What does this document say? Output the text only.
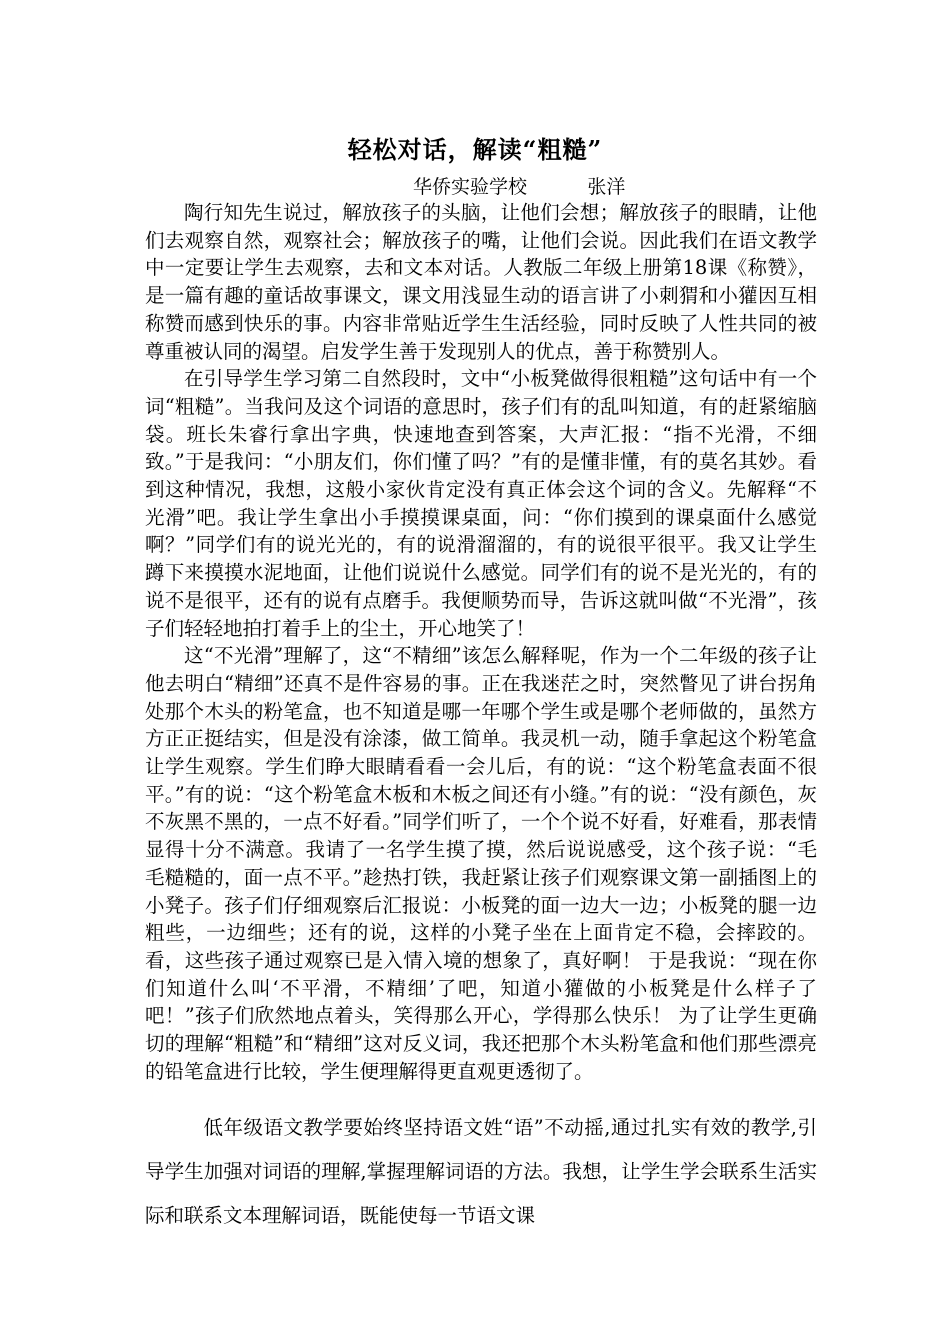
轻松对话，解读“粗糙”
华侨实验学校          张洋

陶行知先生说过，解放孩子的头脑，让他们会想；解放孩子的眼睛，让他们去观察自然，观察社会；解放孩子的嘴，让他们会说。因此我们在语文教学中一定要让学生去观察，去和文本对话。人教版二年级上册第18课《称赞》，是一篇有趣的童话故事课文，课文用浅显生动的语言讲了小刺猬和小獾因互相称赞而感到快乐的事。内容非常贴近学生生活经验，同时反映了人性共同的被尊重被认同的渴望。启发学生善于发现别人的优点，善于称赞别人。

在引导学生学习第二自然段时，文中“小板凳做得很粗糙”这句话中有一个词“粗糙”。当我问及这个词语的意思时，孩子们有的乱叫知道，有的赶紧缩脑袋。班长朱睿行拿出字典，快速地查到答案，大声汇报：“指不光滑，不细致。”于是我问：“小朋友们，你们懂了吗？”有的是懂非懂，有的莫名其妙。看到这种情况，我想，这般小家伙肯定没有真正体会这个词的含义。先解释“不光滑”吧。我让学生拿出小手摸摸课桌面，问：“你们摸到的课桌面什么感觉啊？”同学们有的说光光的，有的说滑溜溜的，有的说很平很平。我又让学生蹲下来摸摸水泥地面，让他们说说什么感觉。同学们有的说不是光光的，有的说不是很平，还有的说有点磨手。我便顺势而导，告诉这就叫做“不光滑”，孩子们轻轻地拍打着手上的尘土，开心地笑了！

这“不光滑”理解了，这“不精细”该怎么解释呢，作为一个二年级的孩子让他去明白“精细”还真不是件容易的事。正在我迷茫之时，突然瞥见了讲台拐角处那个木头的粉笔盒，也不知道是哪一年哪个学生或是哪个老师做的，虽然方方正正挺结实，但是没有涂漆，做工简单。我灵机一动，随手拿起这个粉笔盒让学生观察。学生们睁大眼睛看看一会儿后，有的说：“这个粉笔盒表面不很平。”有的说：“这个粉笔盒木板和木板之间还有小缝。”有的说：“没有颜色，灰不灰黑不黑的，一点不好看。”同学们听了，一个个说不好看，好难看，那表情显得十分不满意。我请了一名学生摸了摸，然后说说感受，这个孩子说：“毛毛糙糙的，面一点不平。”趁热打铁，我赶紧让孩子们观察课文第一副插图上的小凳子。孩子们仔细观察后汇报说：小板凳的面一边大一边；小板凳的腿一边粗些，一边细些；还有的说，这样的小凳子坐在上面肯定不稳，会摔跤的。看，这些孩子通过观察已是入情入境的想象了，真好啊！ 于是我说：“现在你们知道什么叫‘不平滑，不精细’了吧，知道小獾做的小板凳是什么样子了吧！”孩子们欣然地点着头，笑得那么开心，学得那么快乐！ 为了让学生更确切的理解“粗糙”和“精细”这对反义词，我还把那个木头粉笔盒和他们那些漂亮的铅笔盒进行比较，学生便理解得更直观更透彻了。

低年级语文教学要始终坚持语文姓“语”不动摇,通过扎实有效的教学,引导学生加强对词语的理解,掌握理解词语的方法。我想，让学生学会联系生活实际和联系文本理解词语，既能使每一节语文课
